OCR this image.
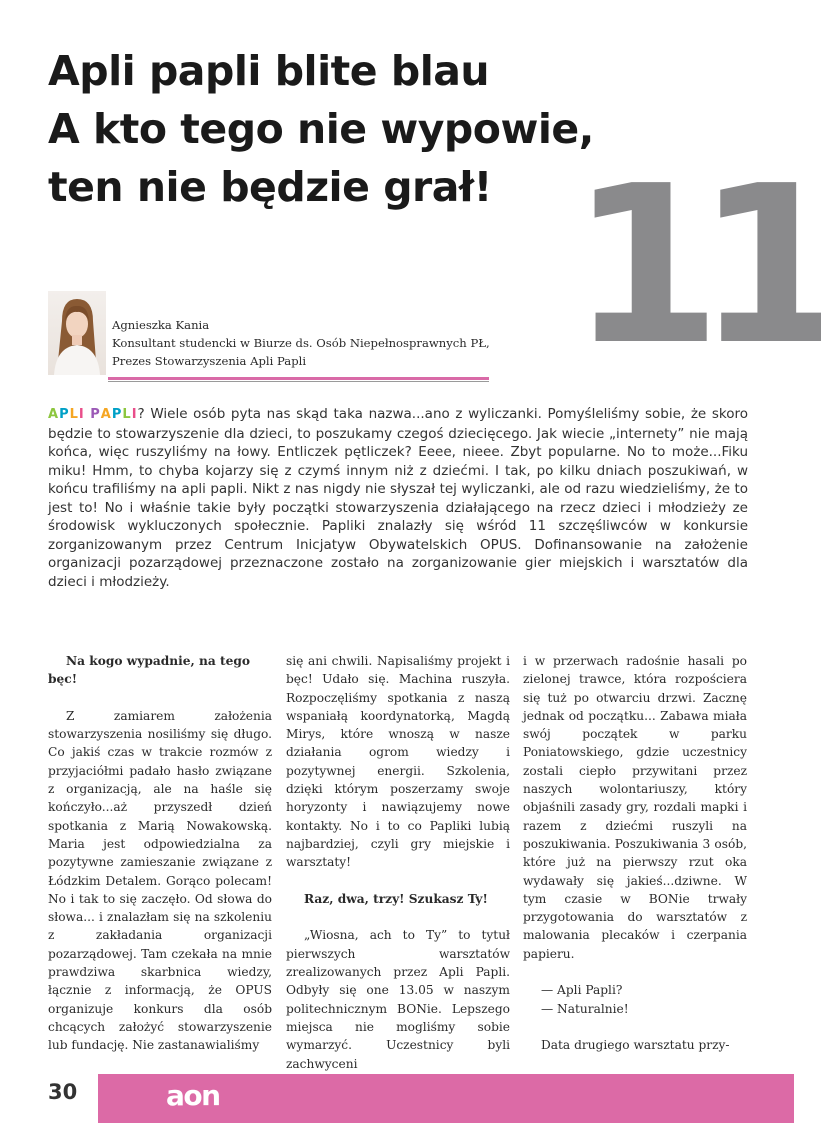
Apli papli blite blau
A kto tego nie wypowie,
ten nie będzie grał! 11
Agnieszka Kania
Konsultant studencki w Biurze ds. Osób Niepełnosprawnych PŁ,
Prezes Stowarzyszenia Apli Papli
APLI PAPLI? Wiele osób pyta nas skąd taka nazwa...ano z wyliczanki. Pomyśleliśmy sobie, że skoro będzie to stowarzyszenie dla dzieci, to poszukamy czegoś dziecięcego. Jak wiecie „internety” nie mają końca, więc ruszyliśmy na łowy. Entliczek pętliczek? Eeee, nieee. Zbyt popularne. No to może...Fiku miku! Hmm, to chyba kojarzy się z czymś innym niż z dziećmi. I tak, po kilku dniach poszukiwań, w końcu trafiliśmy na apli papli. Nikt z nas nigdy nie słyszał tej wyliczanki, ale od razu wiedzieliśmy, że to jest to! No i właśnie takie były początki stowarzyszenia działającego na rzecz dzieci i młodzieży ze środowisk wykluczonych społecznie. Papliki znalazły się wśród 11 szczęśliwców w konkursie zorganizowanym przez Centrum Inicjatyw Obywatelskich OPUS. Dofinansowanie na założenie organizacji pozarządowej przeznaczone zostało na zorganizowanie gier miejskich i warsztatów dla dzieci i młodzieży.

Na kogo wypadnie, na tego bęc!

Z zamiarem założenia stowarzyszenia nosiliśmy się długo. Co jakiś czas w trakcie rozmów z przyjaciółmi padało hasło związane z organizacją, ale na haśle się kończyło...aż przyszedł dzień spotkania z Marią Nowakowską. Maria jest odpowiedzialna za pozytywne zamieszanie związane z Łódzkim Detalem. Gorąco polecam! No i tak to się zaczęło. Od słowa do słowa... i znalazłam się na szkoleniu z zakładania organizacji pozarządowej. Tam czekała na mnie prawdziwa skarbnica wiedzy, łącznie z informacją, że OPUS organizuje konkurs dla osób chcących założyć stowarzyszenie lub fundację. Nie zastanawialiśmy

się ani chwili. Napisaliśmy projekt i bęc! Udało się. Machina ruszyła. Rozpoczęliśmy spotkania z naszą wspaniałą koordynatorką, Magdą Mirys, które wnoszą w nasze działania ogrom wiedzy i pozytywnej energii. Szkolenia, dzięki którym poszerzamy swoje horyzonty i nawiązujemy nowe kontakty. No i to co Papliki lubią najbardziej, czyli gry miejskie i warsztaty!

Raz, dwa, trzy! Szukasz Ty!

„Wiosna, ach to Ty” to tytuł pierwszych warsztatów zrealizowanych przez Apli Papli. Odbyły się one 13.05 w naszym politechnicznym BONie. Lepszego miejsca nie mogliśmy sobie wymarzyć. Uczestnicy byli zachwyceni

i w przerwach radośnie hasali po zielonej trawce, która rozpościera się tuż po otwarciu drzwi. Zacznę jednak od początku... Zabawa miała swój początek w parku Poniatowskiego, gdzie uczestnicy zostali ciepło przywitani przez naszych wolontariuszy, który objaśnili zasady gry, rozdali mapki i razem z dziećmi ruszyli na poszukiwania. Poszukiwania 3 osób, które już na pierwszy rzut oka wydawały się jakieś...dziwne. W tym czasie w BONie trwały przygotowania do warsztatów z malowania plecaków i czerpania papieru.

— Apli Papli?

— Naturalnie!

Data drugiego warsztatu przy-

30	aon
